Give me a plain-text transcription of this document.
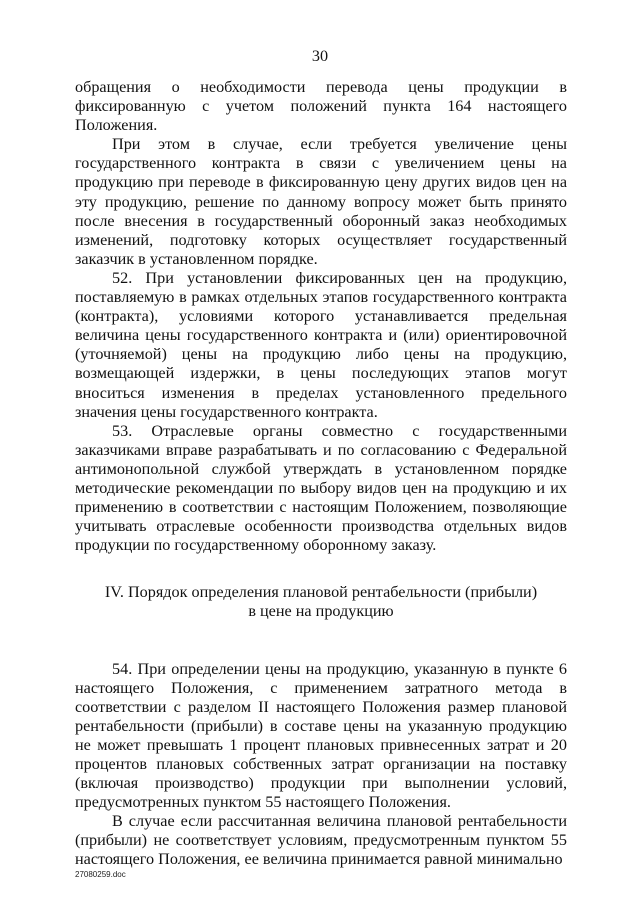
30

обращения о необходимости перевода цены продукции в фиксированную с учетом положений пункта 164 настоящего Положения.

При этом в случае, если требуется увеличение цены государственного контракта в связи с увеличением цены на продукцию при переводе в фиксированную цену других видов цен на эту продукцию, решение по данному вопросу может быть принято после внесения в государственный оборонный заказ необходимых изменений, подготовку которых осуществляет государственный заказчик в установленном порядке.

52. При установлении фиксированных цен на продукцию, поставляемую в рамках отдельных этапов государственного контракта (контракта), условиями которого устанавливается предельная величина цены государственного контракта и (или) ориентировочной (уточняемой) цены на продукцию либо цены на продукцию, возмещающей издержки, в цены последующих этапов могут вноситься изменения в пределах установленного предельного значения цены государственного контракта.

53. Отраслевые органы совместно с государственными заказчиками вправе разрабатывать и по согласованию с Федеральной антимонопольной службой утверждать в установленном порядке методические рекомендации по выбору видов цен на продукцию и их применению в соответствии с настоящим Положением, позволяющие учитывать отраслевые особенности производства отдельных видов продукции по государственному оборонному заказу.

IV. Порядок определения плановой рентабельности (прибыли)
в цене на продукцию

54. При определении цены на продукцию, указанную в пункте 6 настоящего Положения, с применением затратного метода в соответствии с разделом II настоящего Положения размер плановой рентабельности (прибыли) в составе цены на указанную продукцию не может превышать 1 процент плановых привнесенных затрат и 20 процентов плановых собственных затрат организации на поставку (включая производство) продукции при выполнении условий, предусмотренных пунктом 55 настоящего Положения.

В случае если рассчитанная величина плановой рентабельности (прибыли) не соответствует условиям, предусмотренным пунктом 55 настоящего Положения, ее величина принимается равной минимально

27080259.doc
